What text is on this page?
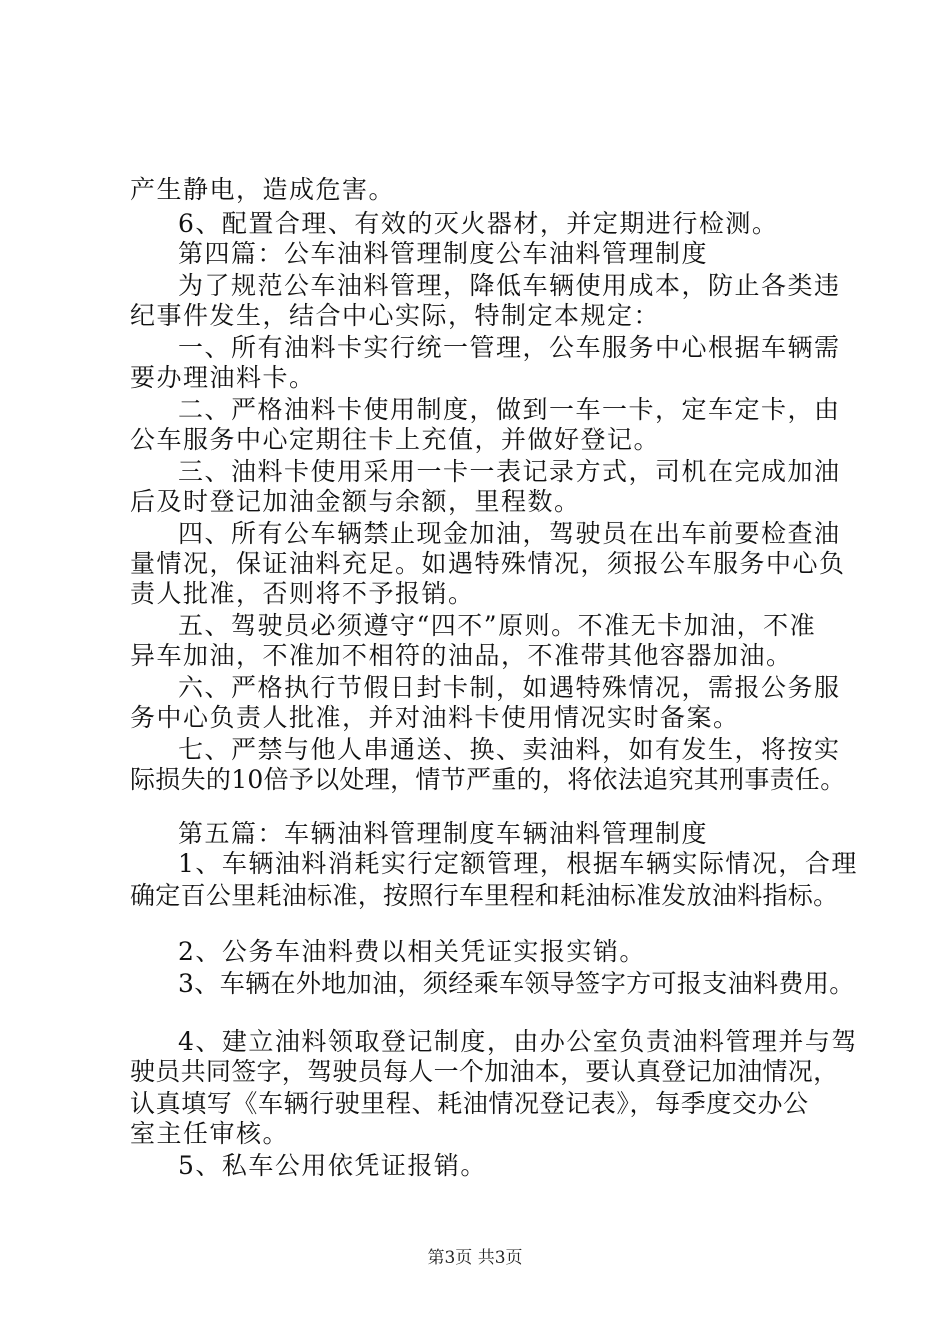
产生静电，造成危害。
6、配置合理、有效的灭火器材，并定期进行检测。
第四篇：公车油料管理制度公车油料管理制度
为了规范公车油料管理，降低车辆使用成本，防止各类违
纪事件发生，结合中心实际，特制定本规定：
一、所有油料卡实行统一管理，公车服务中心根据车辆需
要办理油料卡。
二、严格油料卡使用制度，做到一车一卡，定车定卡，由
公车服务中心定期往卡上充值，并做好登记。
三、油料卡使用采用一卡一表记录方式，司机在完成加油
后及时登记加油金额与余额，里程数。
四、所有公车辆禁止现金加油，驾驶员在出车前要检查油
量情况，保证油料充足。如遇特殊情况，须报公车服务中心负
责人批准，否则将不予报销。
五、驾驶员必须遵守“四不”原则。不准无卡加油，不准
异车加油，不准加不相符的油品，不准带其他容器加油。
六、严格执行节假日封卡制，如遇特殊情况，需报公务服
务中心负责人批准，并对油料卡使用情况实时备案。
七、严禁与他人串通送、换、卖油料，如有发生，将按实
际损失的10倍予以处理，情节严重的，将依法追究其刑事责任。
第五篇：车辆油料管理制度车辆油料管理制度
1、车辆油料消耗实行定额管理，根据车辆实际情况，合理
确定百公里耗油标准，按照行车里程和耗油标准发放油料指标。
2、公务车油料费以相关凭证实报实销。
3、车辆在外地加油，须经乘车领导签字方可报支油料费用。
4、建立油料领取登记制度，由办公室负责油料管理并与驾
驶员共同签字，驾驶员每人一个加油本，要认真登记加油情况，
认真填写《车辆行驶里程、耗油情况登记表》，每季度交办公
室主任审核。
5、私车公用依凭证报销。
第3页 共3页
